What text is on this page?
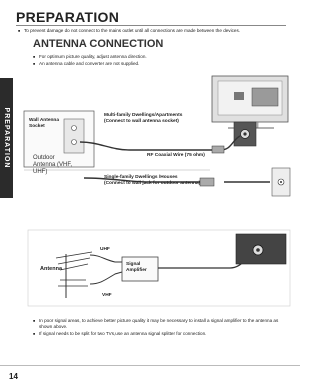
PREPARATION
PREPARATION
■ To prevent damage do not connect to the mains outlet until all connections are made between the devices.
ANTENNA CONNECTION
■ For optimum picture quality, adjust antenna direction.
■ An antenna cable and converter are not supplied.
Wall Antenna Socket
Multi-family Dwellings/Apartments
(Connect to wall antenna socket)
RF Coaxial Wire (75 ohm)
Outdoor Antenna (VHF, UHF)
Single-family Dwellings /Houses
(Connect to wall jack for outdoor antenna)
Antenna
UHF
VHF
Signal Amplifier
■ In poor signal areas, to achieve better picture quality it may be necessary to install a signal amplifier to the antenna as shown above.
■ If signal needs to be split for two TVs,use an antenna signal splitter for connection.
14
